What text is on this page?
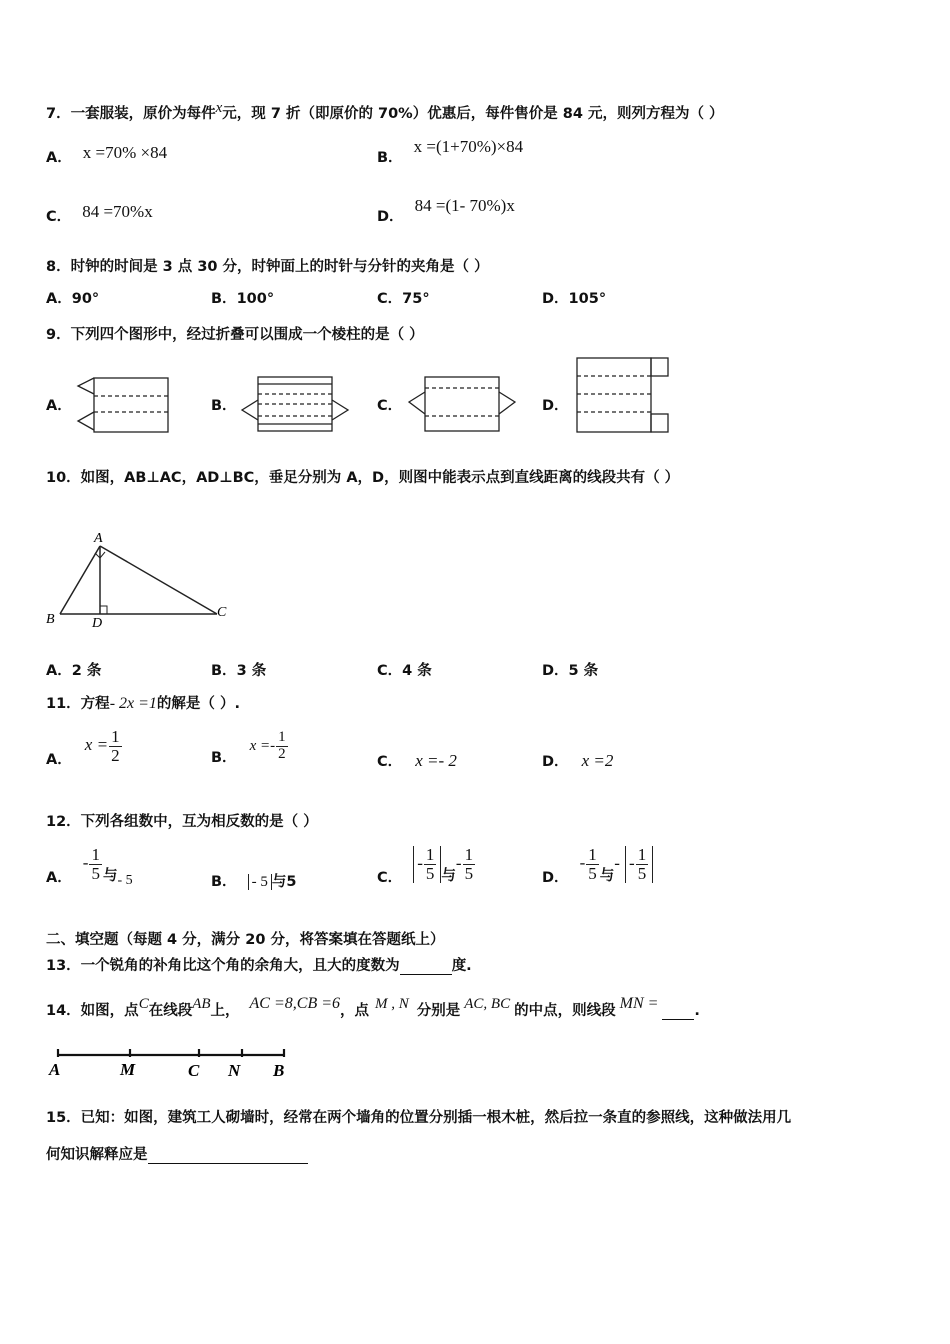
7．一套服装，原价为每件x元，现 7 折（即原价的 70%）优惠后，每件售价是 84 元，则列方程为（ ）
A． x =70% ×84	B． x =(1+70%)×84
C． 84 =70%x	D． 84 =(1- 70%)x
8．时钟的时间是 3 点 30 分，时钟面上的时针与分针的夹角是（ ）
A．90°	B．100°	C．75°	D．105°
9．下列四个图形中，经过折叠可以围成一个棱柱的是（ ）
A．	B．	C．	D．
10．如图，AB⊥AC，AD⊥BC，垂足分别为 A，D，则图中能表示点到直线距离的线段共有（ ）
A
B	C
D
A．2 条	B．3 条	C．4 条	D．5 条
11．方程- 2x =1的解是（ ）.
A． $x = \frac{1}{2}$	B． $x =- \frac{1}{2}$	C． x =- 2	D． x =2
12．下列各组数中，互为相反数的是（ ）
A． - $\frac{1}{5}$ 与- 5	B． - 5 与5	C． - $\frac{1}{5}$ 与- $\frac{1}{5}$	D． - $\frac{1}{5}$ 与- - $\frac{1}{5}$
二、填空题（每题 4 分，满分 20 分，将答案填在答题纸上）
13．一个锐角的补角比这个角的余角大，且大的度数为	度.
14．如图，点C在线段AB上， AC =8,CB =6，点 M , N 分别是 AC, BC 的中点，则线段 MN = .
A	M	C N B
15．已知：如图，建筑工人砌墙时，经常在两个墙角的位置分别插一根木桩，然后拉一条直的参照线，这种做法用几
何知识解释应是
